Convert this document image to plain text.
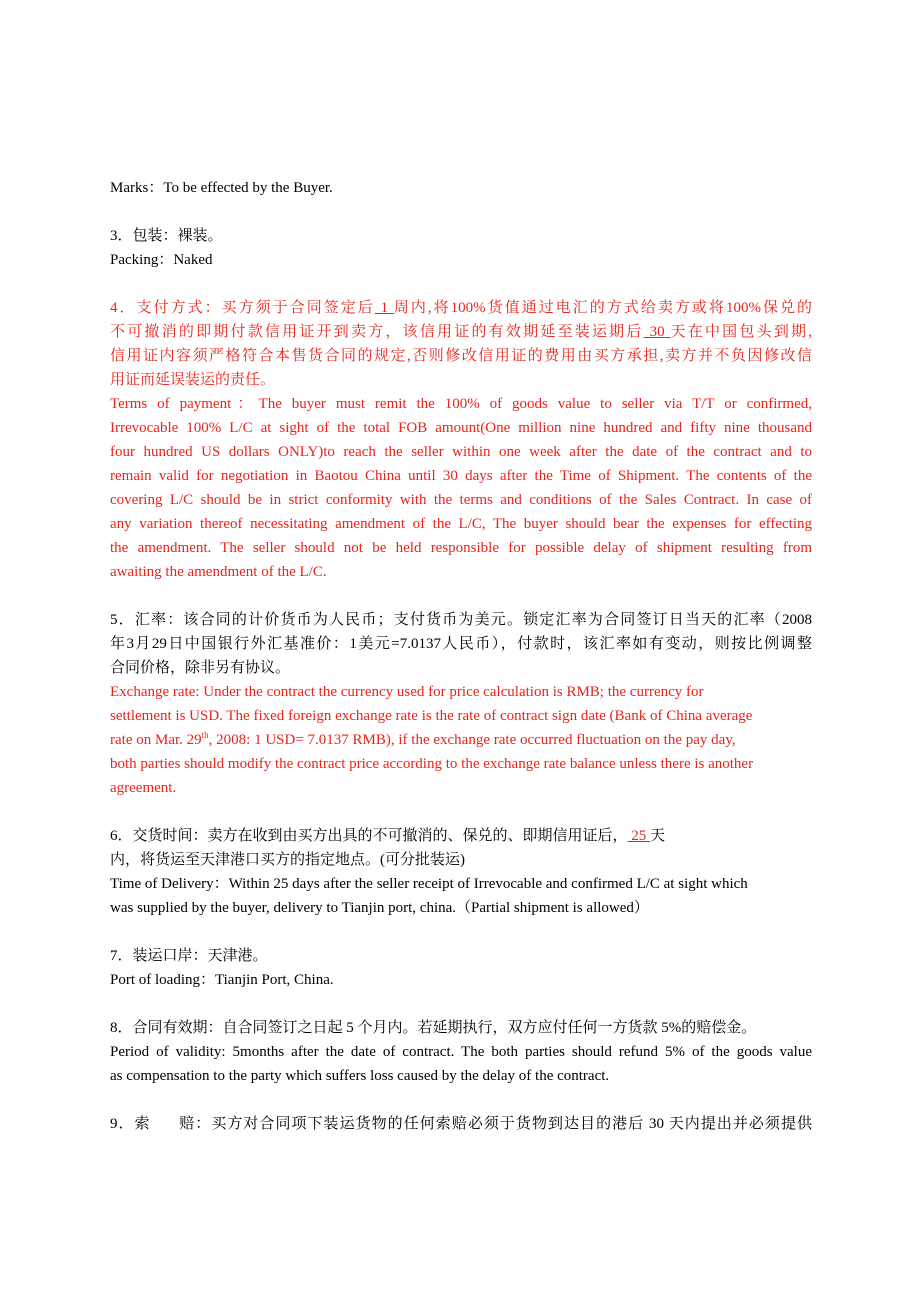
Marks：To be effected by the Buyer.
3．包装：裸装。
Packing：Naked
4．支付方式：买方须于合同签定后 1 周内,将100%货值通过电汇的方式给卖方或将100%保兑的
不可撤消的即期付款信用证开到卖方，该信用证的有效期延至装运期后 30 天在中国包头到期,
信用证内容须严格符合本售货合同的规定,否则修改信用证的费用由买方承担,卖方并不负因修改信
用证而延误装运的责任。
Terms of payment：The buyer must remit the 100% of goods value to seller via T/T or confirmed,
Irrevocable 100% L/C at sight of the total FOB amount(One million nine hundred and fifty nine thousand
four hundred US dollars ONLY)to reach the seller within one week after the date of the contract and to
remain valid for negotiation in Baotou China until 30 days after the Time of Shipment. The contents of the
covering L/C should be in strict conformity with the terms and conditions of the Sales Contract. In case of
any variation thereof necessitating amendment of the L/C, The buyer should bear the expenses for effecting
the amendment. The seller should not be held responsible for possible delay of shipment resulting from
awaiting the amendment of the L/C.
5．汇率：该合同的计价货币为人民币；支付货币为美元。锁定汇率为合同签订日当天的汇率（2008
年3月29日中国银行外汇基准价：1美元=7.0137人民币），付款时，该汇率如有变动，则按比例调整
合同价格，除非另有协议。
Exchange rate: Under the contract the currency used for price calculation is RMB; the currency for
settlement is USD. The fixed foreign exchange rate is the rate of contract sign date (Bank of China average
rate on Mar. 29th, 2008: 1 USD= 7.0137 RMB), if the exchange rate occurred fluctuation on the pay day,
both parties should modify the contract price according to the exchange rate balance unless there is another
agreement.
6．交货时间：卖方在收到由买方出具的不可撤消的、保兑的、即期信用证后， 25 天
内，将货运至天津港口买方的指定地点。(可分批装运)
Time of Delivery：Within 25 days after the seller receipt of Irrevocable and confirmed L/C at sight which
was supplied by the buyer, delivery to Tianjin port, china.（Partial shipment is allowed）
7．装运口岸：天津港。
Port of loading：Tianjin Port, China.
8．合同有效期：自合同签订之日起 5 个月内。若延期执行，双方应付任何一方货款 5%的赔偿金。
Period of validity: 5months after the date of contract. The both parties should refund 5% of the goods value
as compensation to the party which suffers loss caused by the delay of the contract.
9．索      赔：买方对合同项下装运货物的任何索赔必须于货物到达目的港后 30 天内提出并必须提供
